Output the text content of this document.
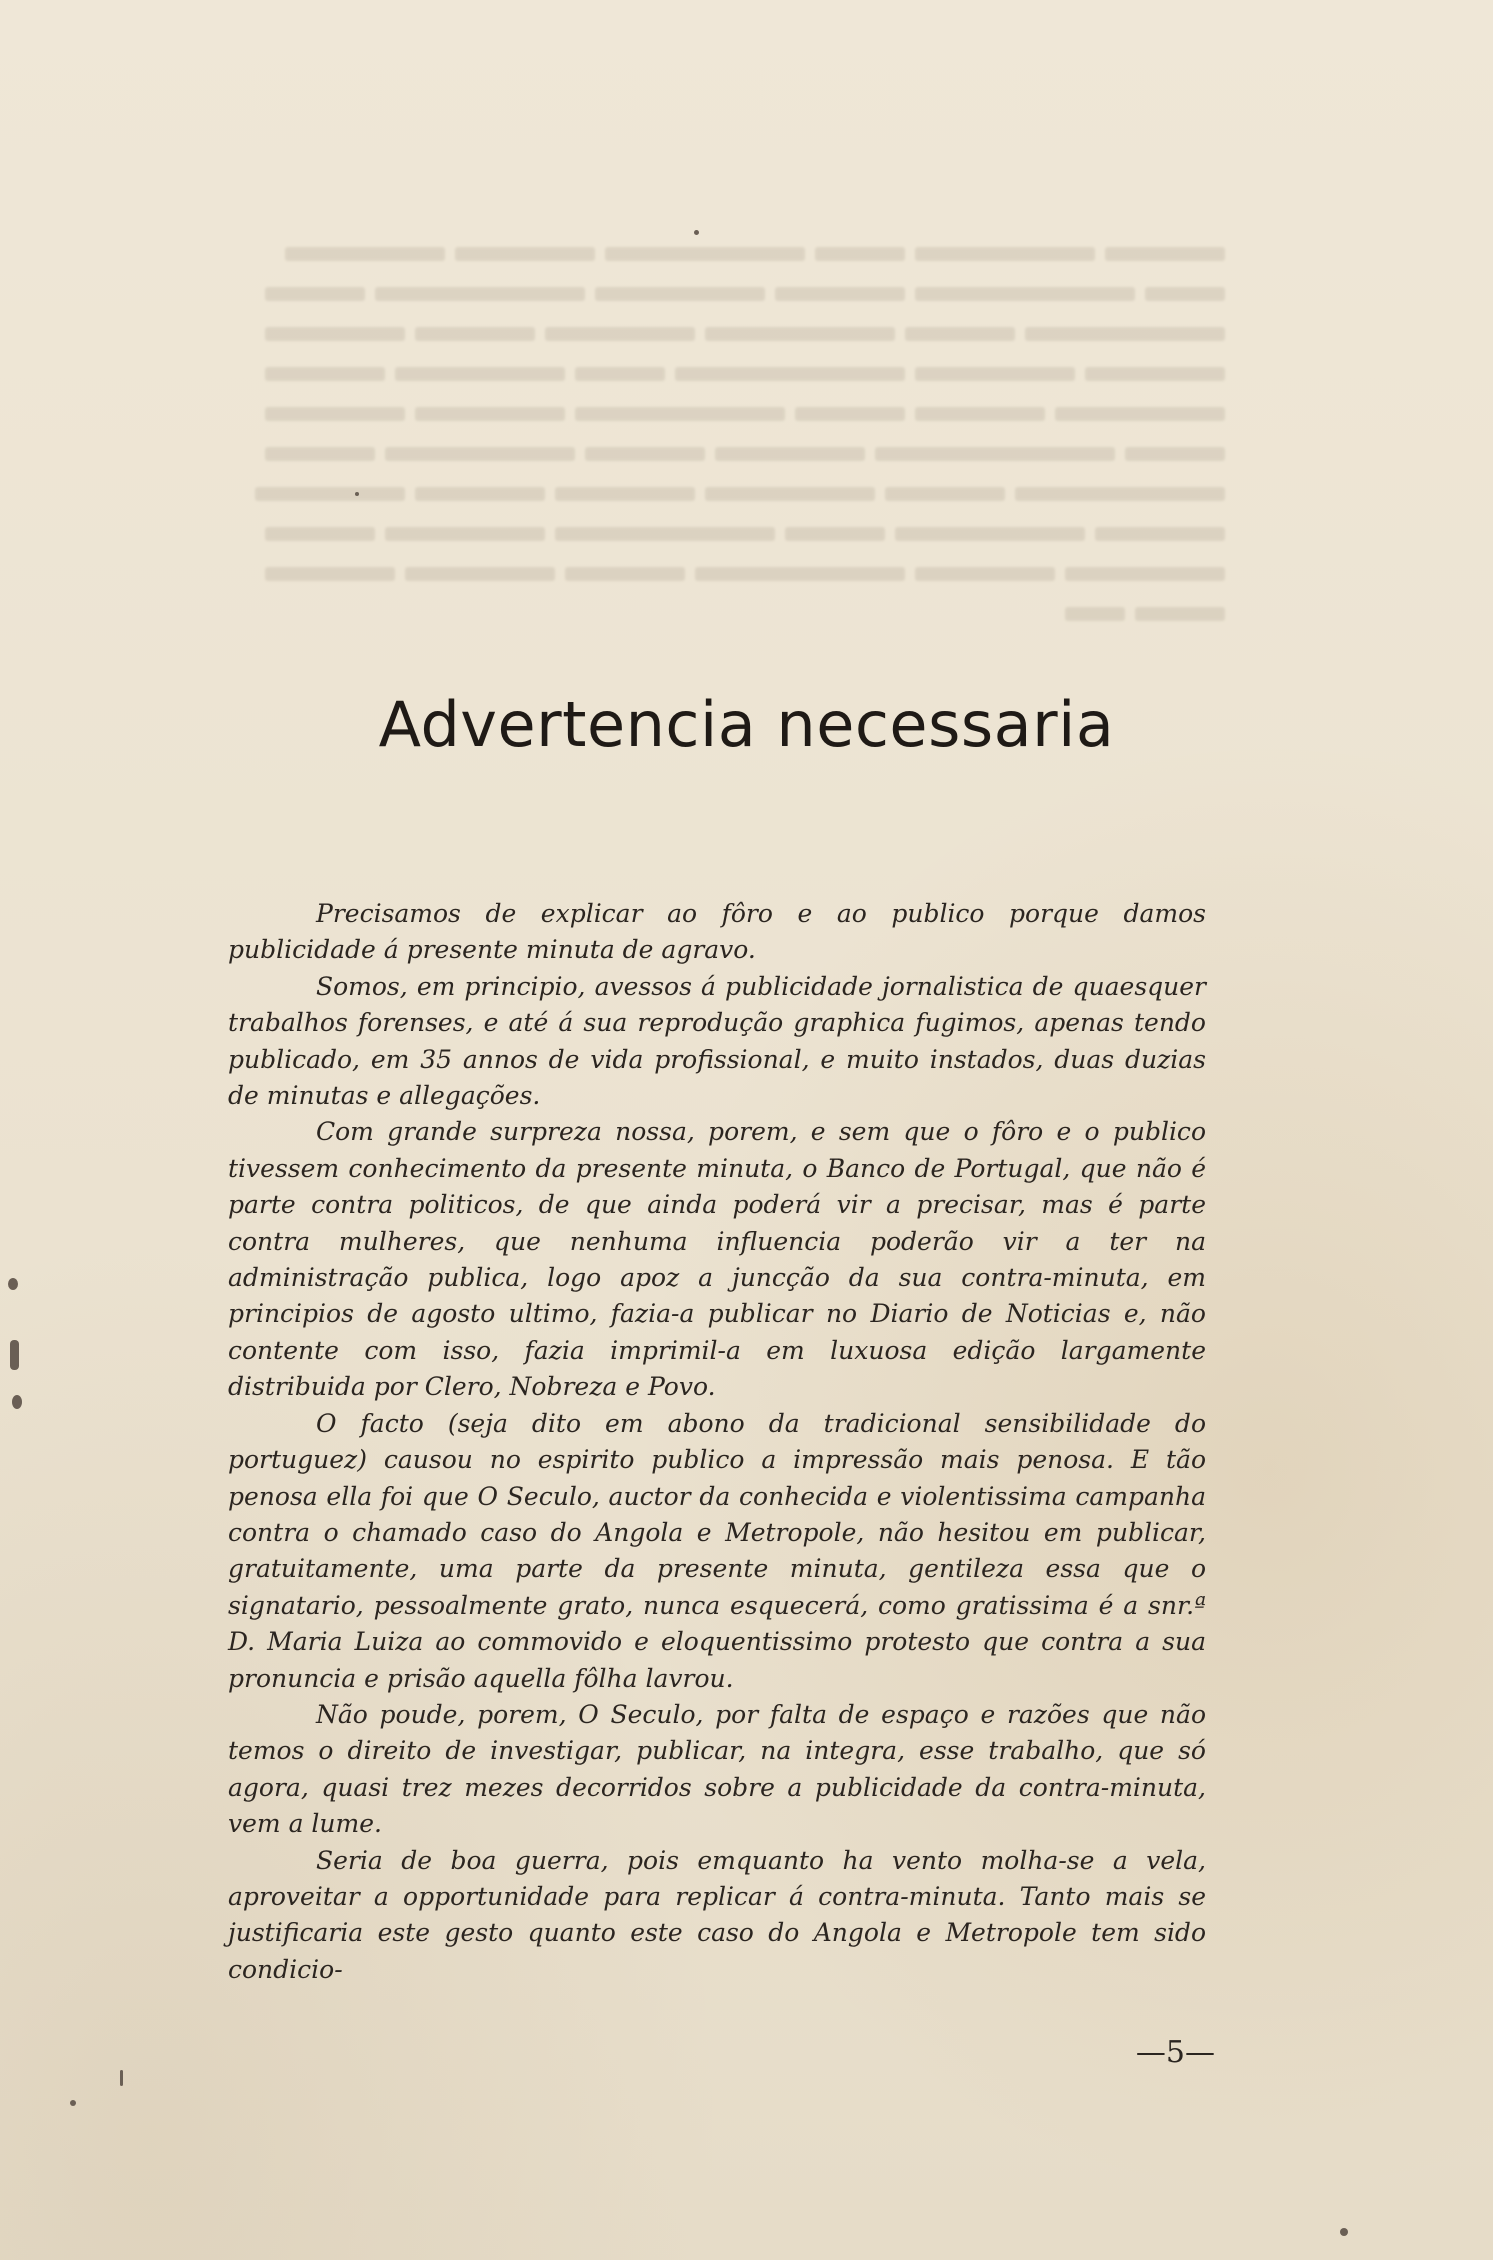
Advertencia necessaria

Precisamos de explicar ao fôro e ao publico porque damos publicidade á presente minuta de agravo.

Somos, em principio, avessos á publicidade jornalistica de quaesquer trabalhos forenses, e até á sua reprodução graphica fugimos, apenas tendo publicado, em 35 annos de vida profissional, e muito instados, duas duzias de minutas e allegações.

Com grande surpreza nossa, porem, e sem que o fôro e o publico tivessem conhecimento da presente minuta, o Banco de Portugal, que não é parte contra politicos, de que ainda poderá vir a precisar, mas é parte contra mulheres, que nenhuma influencia poderão vir a ter na administração publica, logo apoz a juncção da sua contra-minuta, em principios de agosto ultimo, fazia-a publicar no Diario de Noticias e, não contente com isso, fazia imprimil-a em luxuosa edição largamente distribuida por Clero, Nobreza e Povo.

O facto (seja dito em abono da tradicional sensibilidade do portuguez) causou no espirito publico a impressão mais penosa. E tão penosa ella foi que O Seculo, auctor da conhecida e violentissima campanha contra o chamado caso do Angola e Metropole, não hesitou em publicar, gratuitamente, uma parte da presente minuta, gentileza essa que o signatario, pessoalmente grato, nunca esquecerá, como gratissima é a snr.ª D. Maria Luiza ao commovido e eloquentissimo protesto que contra a sua pronuncia e prisão aquella fôlha lavrou.

Não poude, porem, O Seculo, por falta de espaço e razões que não temos o direito de investigar, publicar, na integra, esse trabalho, que só agora, quasi trez mezes decorridos sobre a publicidade da contra-minuta, vem a lume.

Seria de boa guerra, pois emquanto ha vento molha-se a vela, aproveitar a opportunidade para replicar á contra-minuta. Tanto mais se justificaria este gesto quanto este caso do Angola e Metropole tem sido condicio-

—5—
